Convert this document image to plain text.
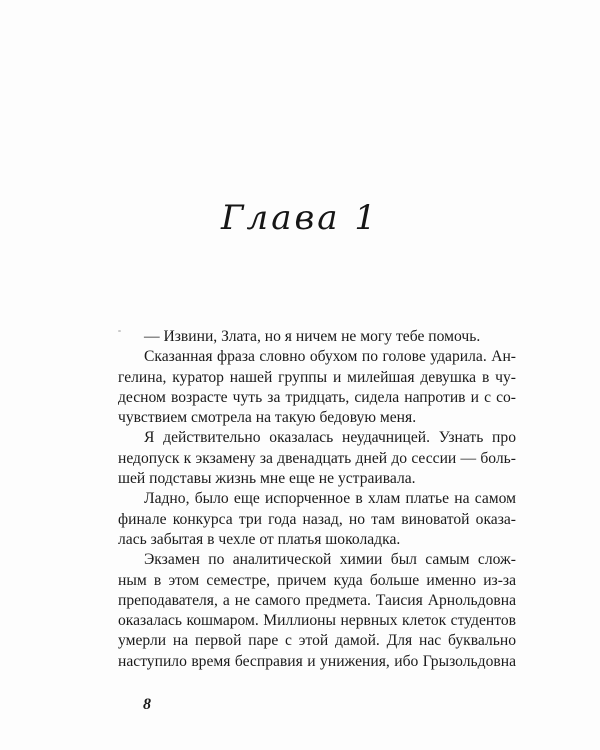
Глава 1
— Извини, Злата, но я ничем не могу тебе помочь.
Сказанная фраза словно обухом по голове ударила. Ан-
гелина, куратор нашей группы и милейшая девушка в чу-
десном возрасте чуть за тридцать, сидела напротив и с со-
чувствием смотрела на такую бедовую меня.
Я действительно оказалась неудачницей. Узнать про
недопуск к экзамену за двенадцать дней до сессии — боль-
шей подставы жизнь мне еще не устраивала.
Ладно, было еще испорченное в хлам платье на самом
финале конкурса три года назад, но там виноватой оказа-
лась забытая в чехле от платья шоколадка.
Экзамен по аналитической химии был самым слож-
ным в этом семестре, причем куда больше именно из-за
преподавателя, а не самого предмета. Таисия Арнольдовна
оказалась кошмаром. Миллионы нервных клеток студентов
умерли на первой паре с этой дамой. Для нас буквально
наступило время бесправия и унижения, ибо Грызольдовна
8
